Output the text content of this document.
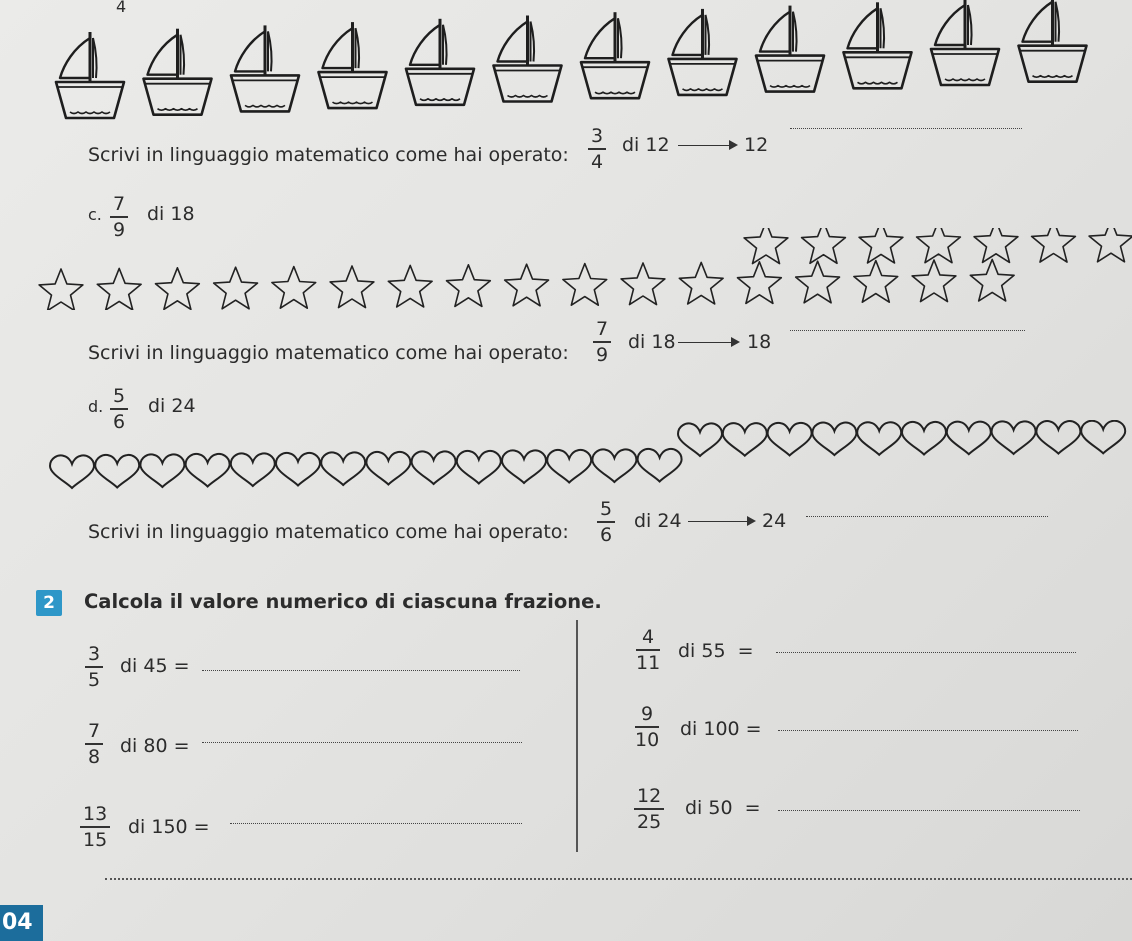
4
Scrivi in linguaggio matematico come hai operato:
3
4
di 12	12
c. 7
9
di 18
Scrivi in linguaggio matematico come hai operato:
7
9
di 18	18
d. 5
6
di 24
Scrivi in linguaggio matematico come hai operato:
5
6
di 24	24
2	Calcola il valore numerico di ciascuna frazione.
3
5
di 45 =
7
8 di 80 =
13
15
di 150 =
4
11
di 55  =
9
10 di 100 =
12
25
di 50  =
04
